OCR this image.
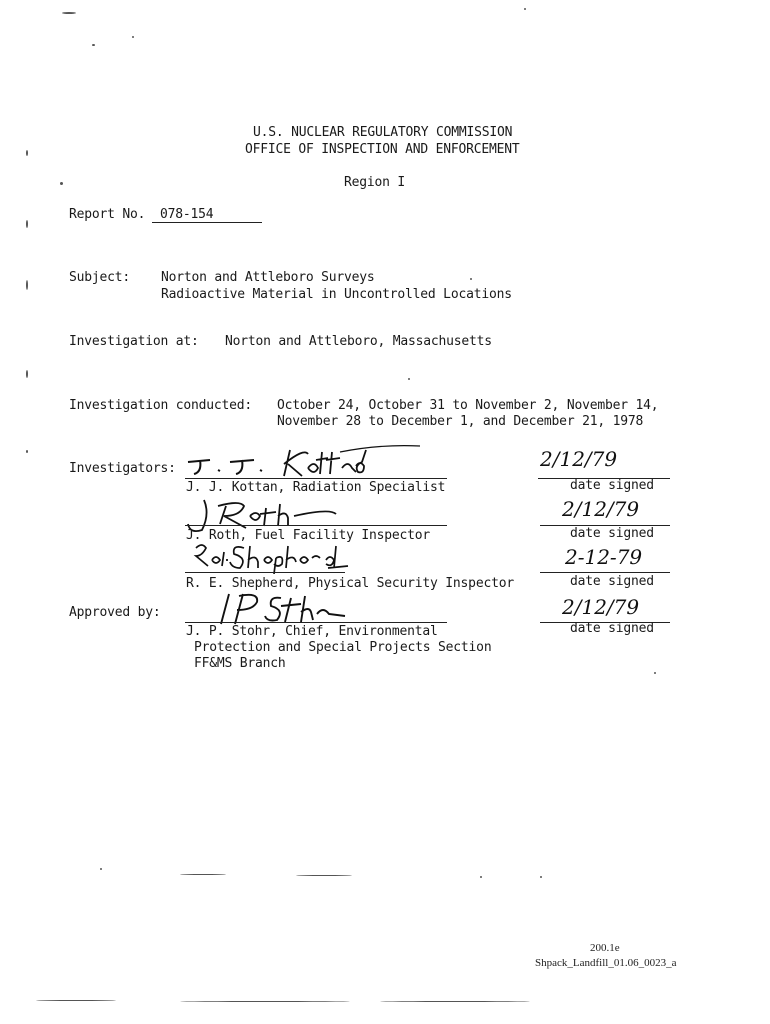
U.S. NUCLEAR REGULATORY COMMISSION
OFFICE OF INSPECTION AND ENFORCEMENT
Region I
Report No. 078-154
Subject: Norton and Attleboro Surveys
Radioactive Material in Uncontrolled Locations
Investigation at: Norton and Attleboro, Massachusetts
Investigation conducted: October 24, October 31 to November 2, November 14,
November 28 to December 1, and December 21, 1978
Investigators:
J. J. Kottan, Radiation Specialist
2/12/79
date signed
J. Roth, Fuel Facility Inspector
2/12/79
date signed
R. E. Shepherd, Physical Security Inspector
2-12-79
date signed
Approved by:
J. P. Stohr, Chief, Environmental
Protection and Special Projects Section
FF&MS Branch
2/12/79
date signed
200.1e
Shpack_Landfill_01.06_0023_a
